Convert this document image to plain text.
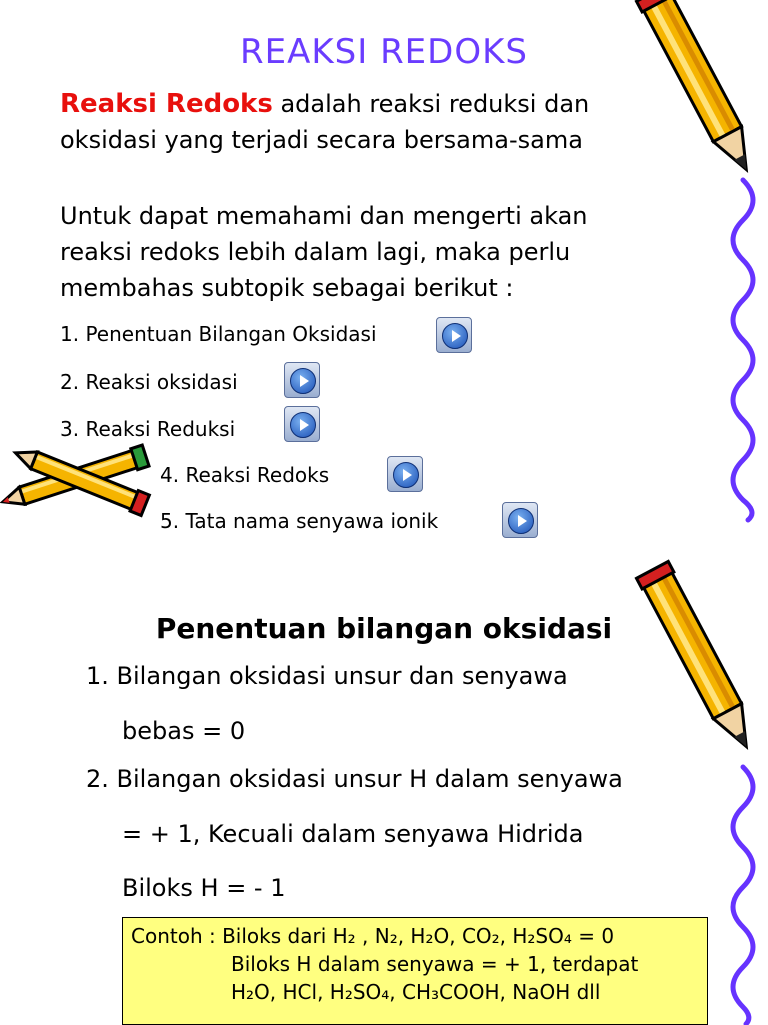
REAKSI REDOKS
Reaksi Redoks adalah reaksi reduksi dan
oksidasi yang terjadi secara bersama-sama
Untuk dapat memahami dan mengerti akan
reaksi redoks lebih dalam lagi, maka perlu
membahas subtopik sebagai berikut :
1. Penentuan Bilangan Oksidasi
2. Reaksi oksidasi
3. Reaksi Reduksi
4. Reaksi Redoks
5. Tata nama senyawa ionik
Penentuan bilangan oksidasi
1. Bilangan oksidasi unsur dan senyawa
bebas = 0
2. Bilangan oksidasi unsur H dalam senyawa
= + 1, Kecuali dalam senyawa Hidrida
Biloks H = - 1
Contoh : Biloks dari H₂ , N₂, H₂O, CO₂, H₂SO₄ = 0
Biloks H dalam senyawa = + 1, terdapat
H₂O, HCl, H₂SO₄, CH₃COOH, NaOH dll
